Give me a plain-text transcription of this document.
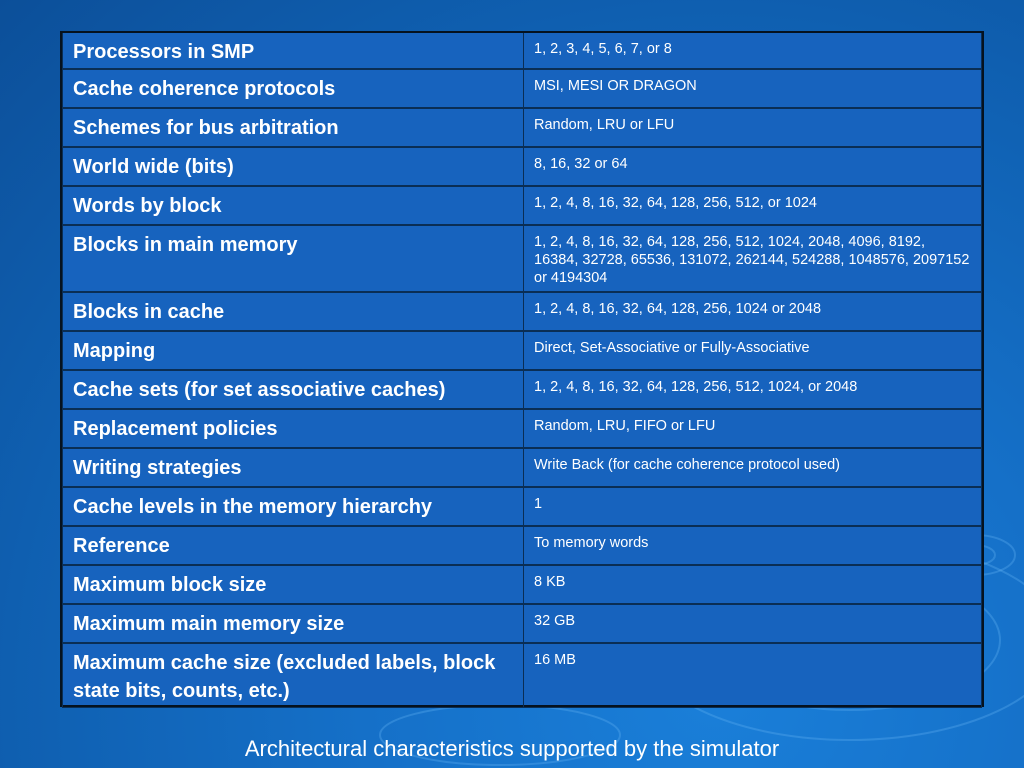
Processors in SMP	1, 2, 3, 4, 5, 6, 7, or 8
Cache coherence protocols	MSI, MESI OR DRAGON
Schemes for bus arbitration	Random, LRU or LFU
World wide (bits)	8, 16, 32 or 64
Words by block	1, 2, 4, 8, 16, 32, 64, 128, 256, 512, or 1024
Blocks in main memory	1, 2, 4, 8, 16, 32, 64, 128, 256, 512, 1024, 2048, 4096, 8192, 16384, 32728, 65536, 131072, 262144, 524288, 1048576, 2097152 or 4194304
Blocks in cache	1, 2, 4, 8, 16, 32, 64, 128, 256, 1024 or 2048
Mapping	Direct, Set-Associative or Fully-Associative
Cache sets (for set associative caches)	1, 2, 4, 8, 16, 32, 64, 128, 256, 512, 1024, or 2048
Replacement policies	Random, LRU, FIFO or LFU
Writing strategies	Write Back (for cache coherence protocol used)
Cache levels in the memory hierarchy	1
Reference	To memory words
Maximum block size	8 KB
Maximum main memory size	32 GB
Maximum cache size (excluded labels, block state bits, counts, etc.)	16 MB
Architectural characteristics supported by the simulator
